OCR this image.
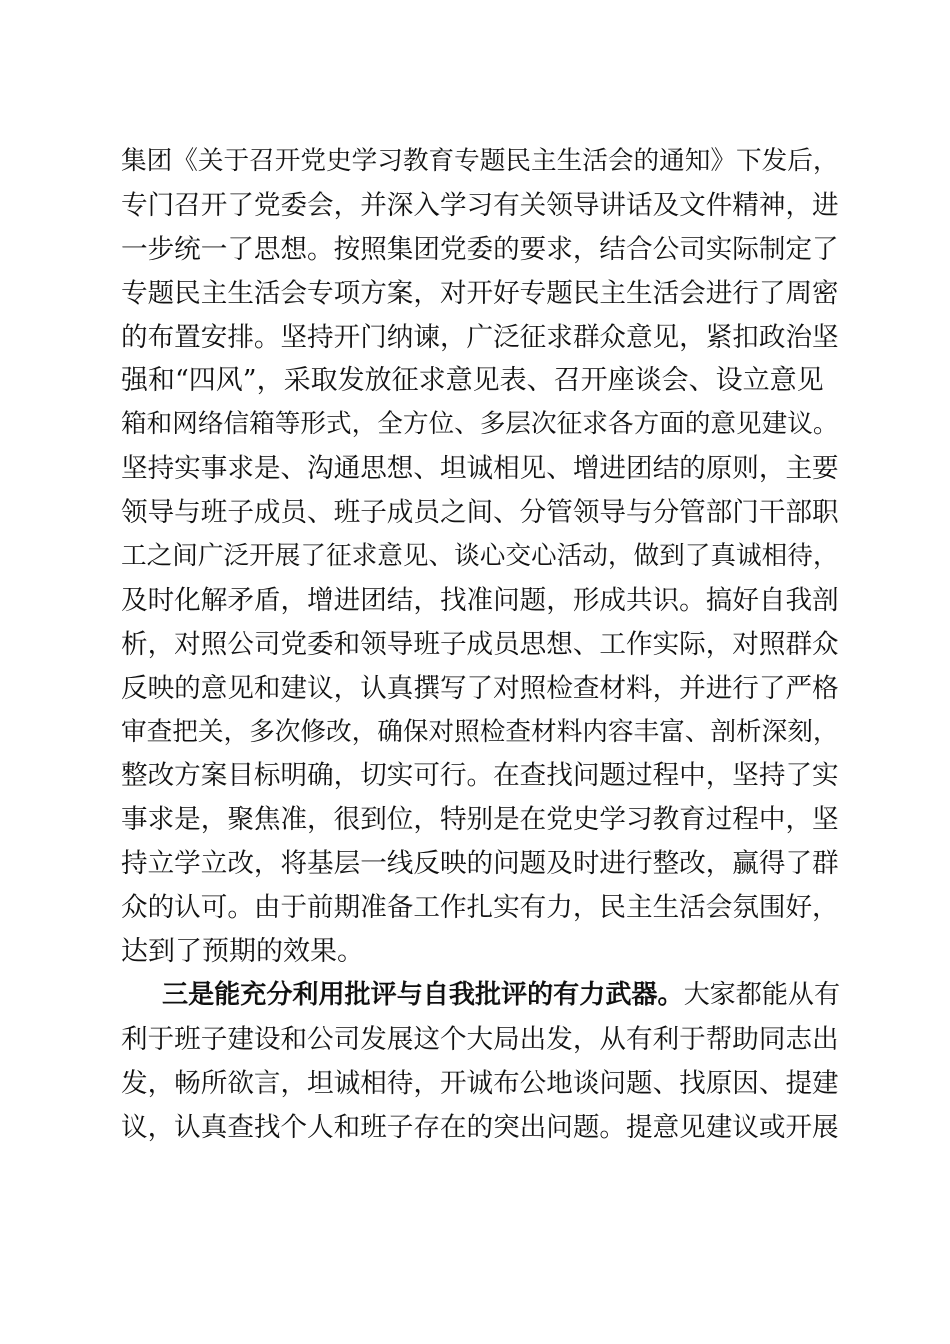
集团《关于召开党史学习教育专题民主生活会的通知》下发后，
专门召开了党委会，并深入学习有关领导讲话及文件精神，进
一步统一了思想。按照集团党委的要求，结合公司实际制定了
专题民主生活会专项方案，对开好专题民主生活会进行了周密
的布置安排。坚持开门纳谏，广泛征求群众意见，紧扣政治坚
强和“四风”，采取发放征求意见表、召开座谈会、设立意见
箱和网络信箱等形式，全方位、多层次征求各方面的意见建议。
坚持实事求是、沟通思想、坦诚相见、增进团结的原则，主要
领导与班子成员、班子成员之间、分管领导与分管部门干部职
工之间广泛开展了征求意见、谈心交心活动，做到了真诚相待，
及时化解矛盾，增进团结，找准问题，形成共识。搞好自我剖
析，对照公司党委和领导班子成员思想、工作实际，对照群众
反映的意见和建议，认真撰写了对照检查材料，并进行了严格
审查把关，多次修改，确保对照检查材料内容丰富、剖析深刻，
整改方案目标明确，切实可行。在查找问题过程中，坚持了实
事求是，聚焦准，很到位，特别是在党史学习教育过程中，坚
持立学立改，将基层一线反映的问题及时进行整改，赢得了群
众的认可。由于前期准备工作扎实有力，民主生活会氛围好，
达到了预期的效果。
三是能充分利用批评与自我批评的有力武器。大家都能从有
利于班子建设和公司发展这个大局出发，从有利于帮助同志出
发，畅所欲言，坦诚相待，开诚布公地谈问题、找原因、提建
议，认真查找个人和班子存在的突出问题。提意见建议或开展
